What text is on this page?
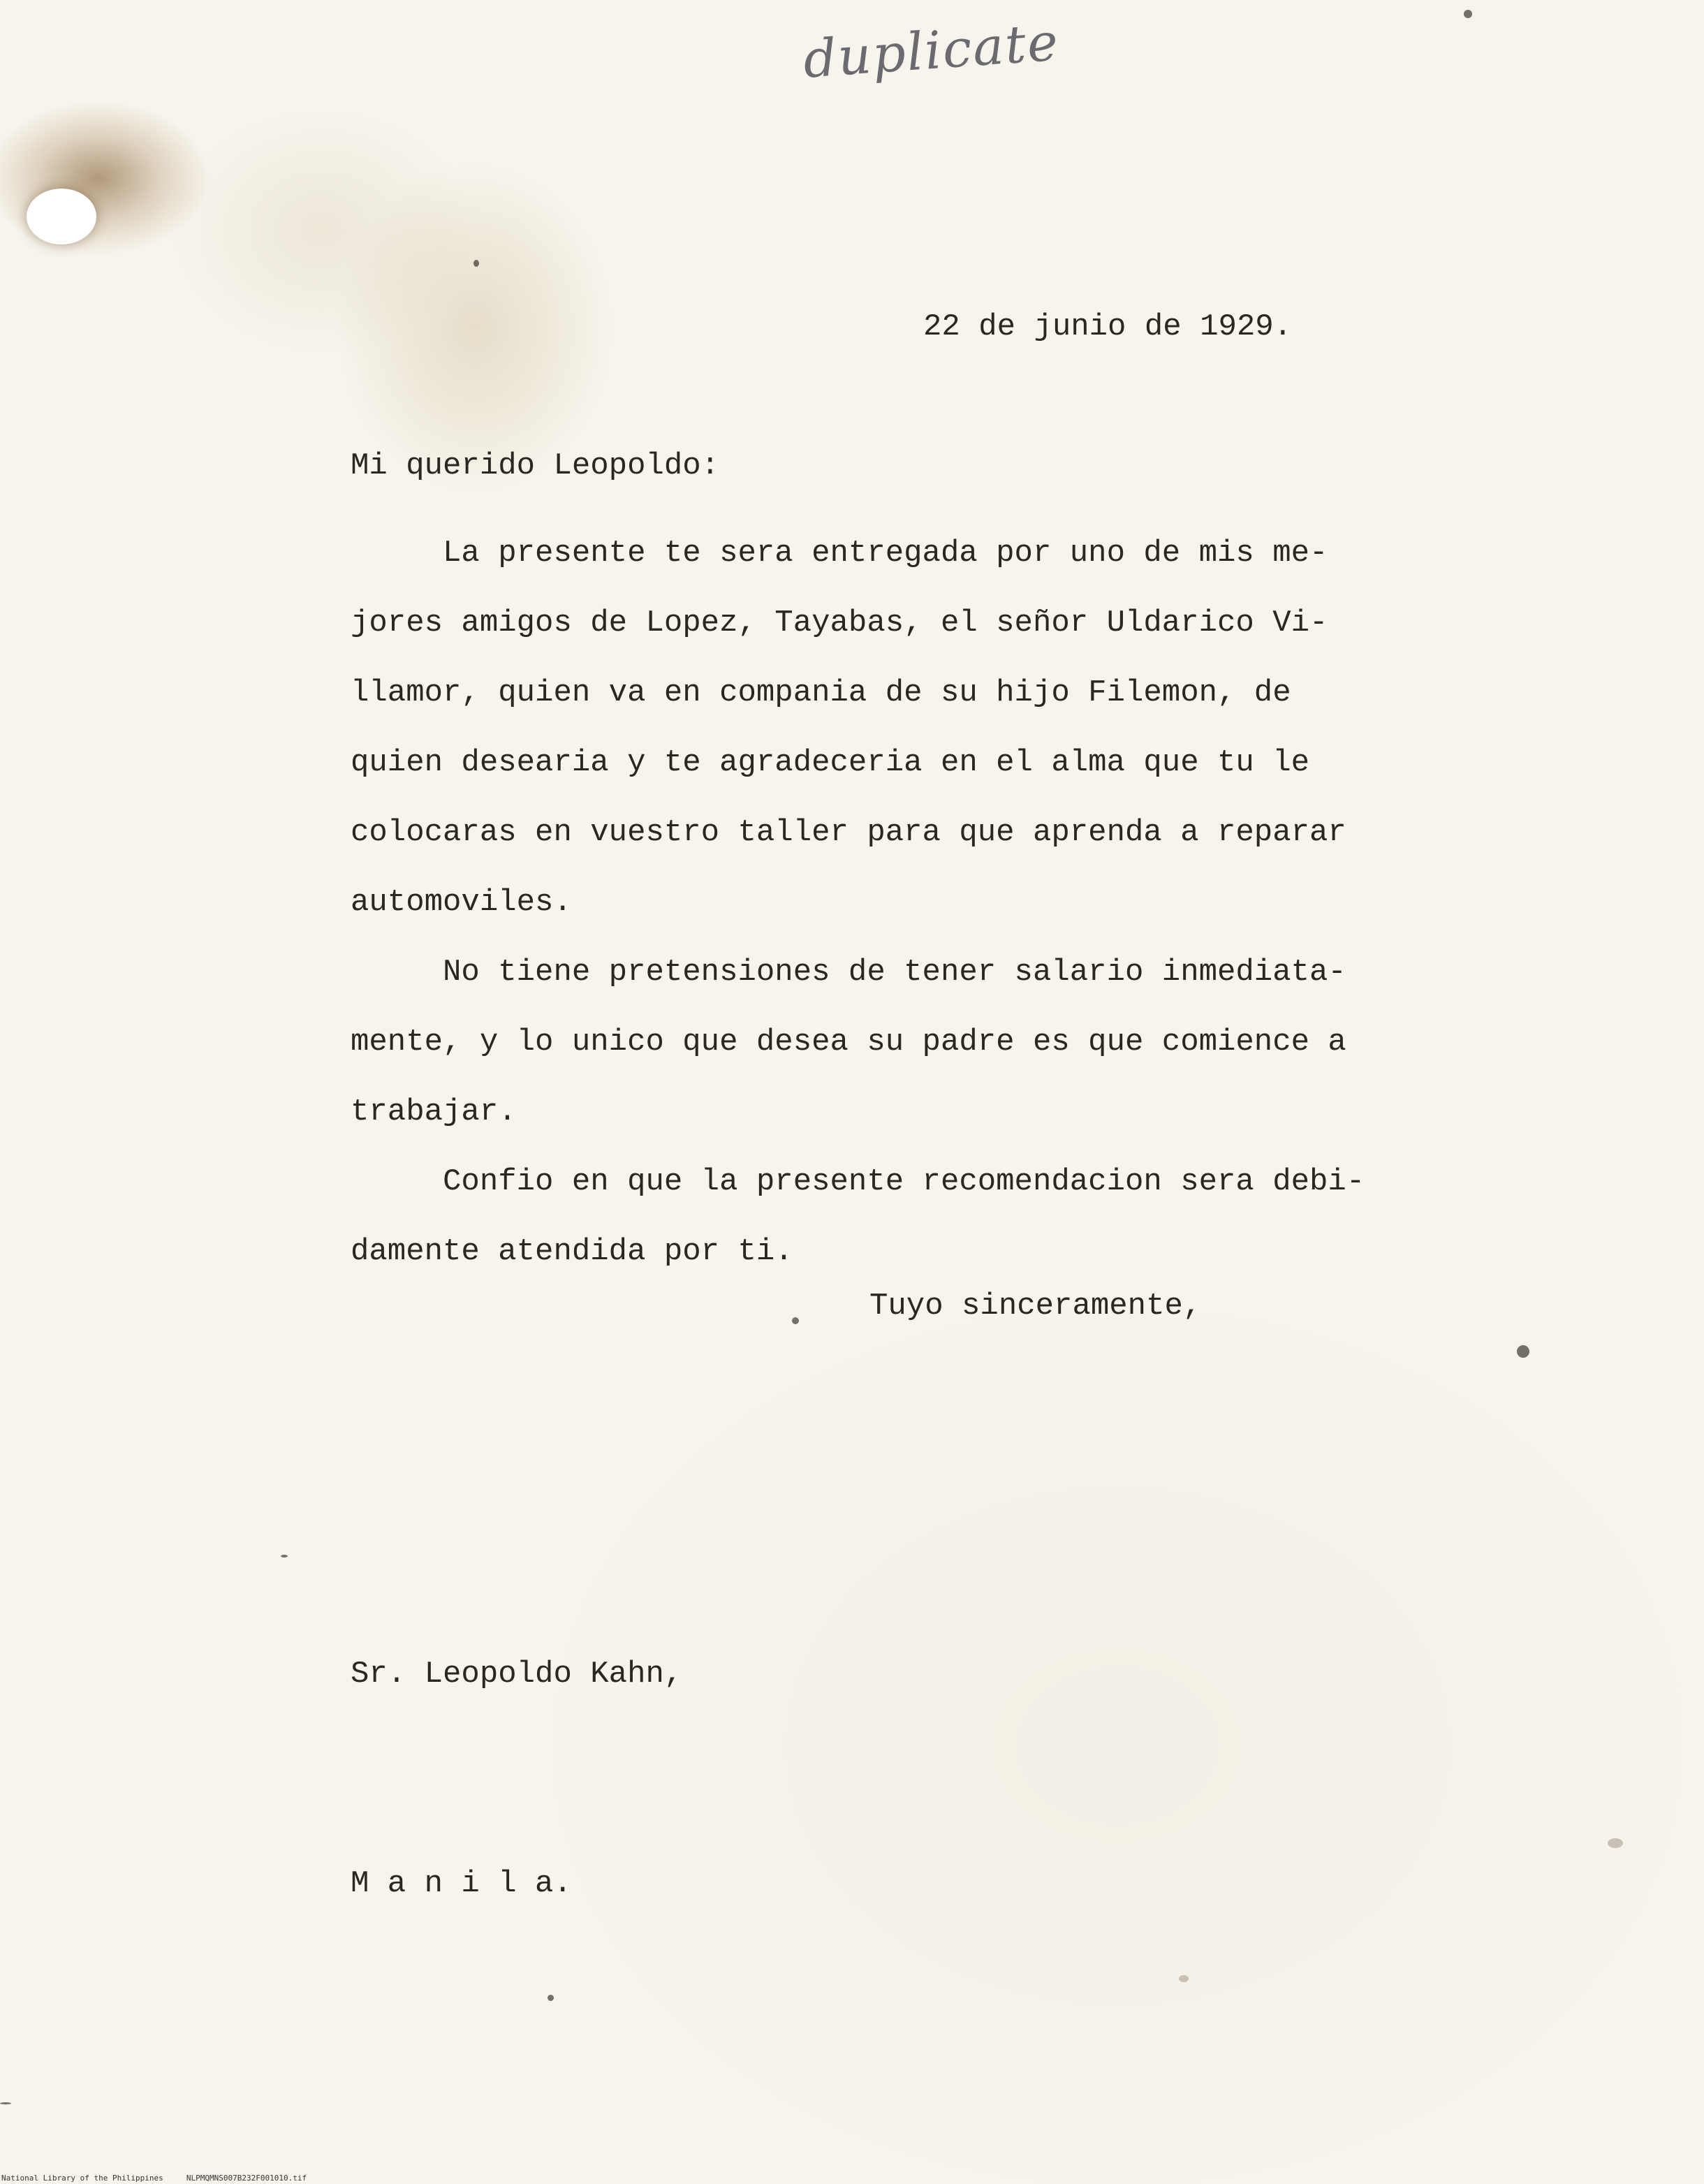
duplicate
22 de junio de 1929.
Mi querido Leopoldo:
La presente te sera entregada por uno de mis me-
jores amigos de Lopez, Tayabas, el señor Uldarico Vi-
llamor, quien va en compania de su hijo Filemon, de
quien desearia y te agradeceria en el alma que tu le
colocaras en vuestro taller para que aprenda a reparar
automoviles.
No tiene pretensiones de tener salario inmediata-
mente, y lo unico que desea su padre es que comience a
trabajar.
Confio en que la presente recomendacion sera debi-
damente atendida por ti.
Tuyo sinceramente,

Sr. Leopoldo Kahn,

M a n i l a.

National Library of the Philippines     NLPMQMNS007B232F001010.tif
